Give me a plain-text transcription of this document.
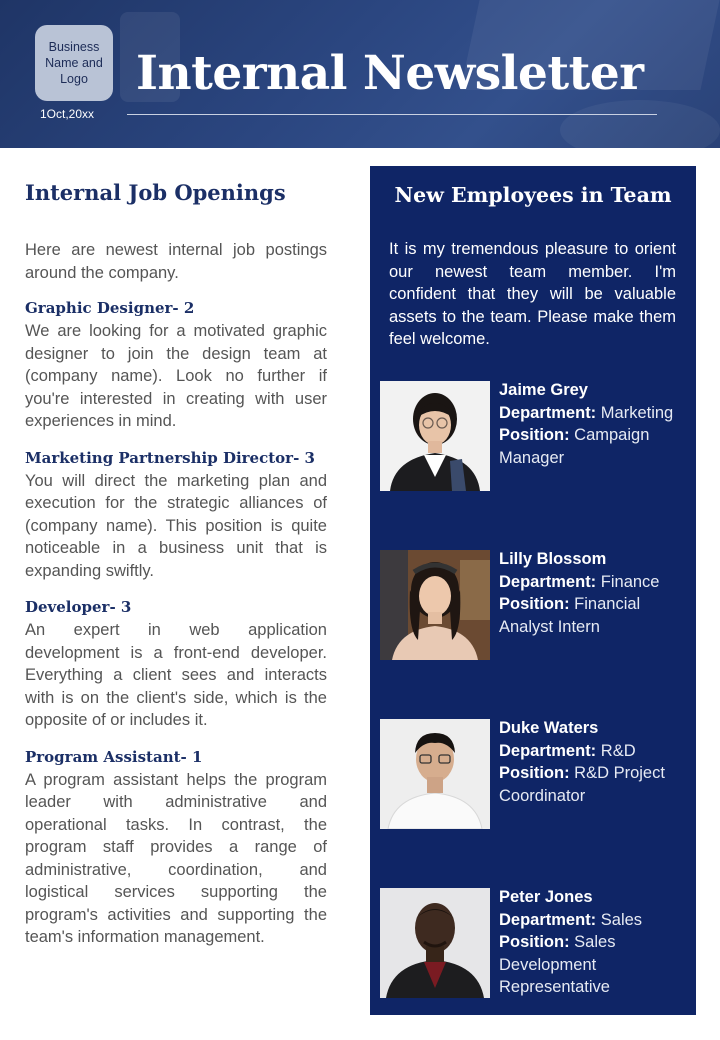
Business Name and Logo
1Oct,20xx
Internal Newsletter
Internal Job Openings

Here are newest internal job postings around the company.

Graphic Designer- 2

We are looking for a motivated graphic designer to join the design team at (company name). Look no further if you're interested in creating with user experiences in mind.

Marketing Partnership Director- 3

You will direct the marketing plan and execution for the strategic alliances of (company name). This position is quite noticeable in a business unit that is expanding swiftly.

Developer- 3

An expert in web application development is a front-end developer. Everything a client sees and interacts with is on the client's side, which is the opposite of or includes it.

Program Assistant- 1

A program assistant helps the program leader with administrative and operational tasks. In contrast, the program staff provides a range of administrative, coordination, and logistical services supporting the program's activities and supporting the team's information management.

New Employees in Team

It is my tremendous pleasure to orient our newest team member. I'm confident that they will be valuable assets to the team. Please make them feel welcome.

Jaime Grey
Department: Marketing
Position: Campaign Manager
Lilly Blossom
Department: Finance
Position: Financial Analyst Intern
Duke Waters
Department: R&D
Position: R&D Project Coordinator
Peter Jones
Department: Sales
Position: Sales Development Representative
